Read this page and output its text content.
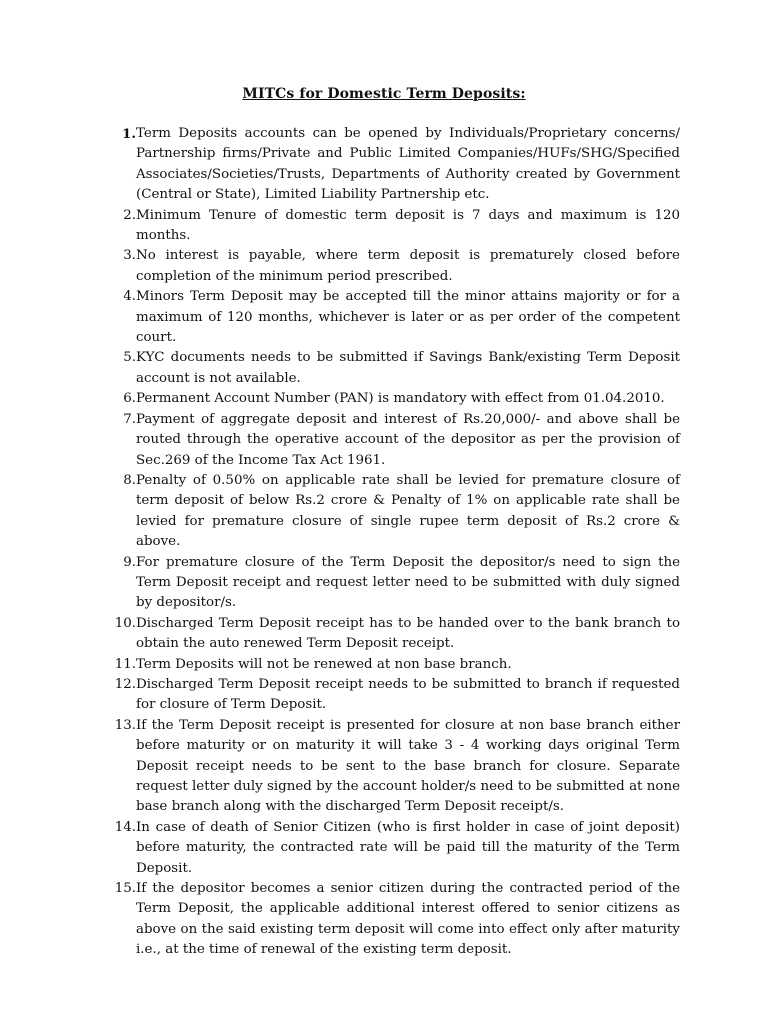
MITCs for Domestic Term Deposits:
1. Term Deposits accounts can be opened by Individuals/Proprietary concerns/ Partnership firms/Private and Public Limited Companies/HUFs/SHG/Specified Associates/Societies/Trusts, Departments of Authority created by Government (Central or State), Limited Liability Partnership etc.
2. Minimum Tenure of domestic term deposit is 7 days and maximum is 120 months.
3. No interest is payable, where term deposit is prematurely closed before completion of the minimum period prescribed.
4. Minors Term Deposit may be accepted till the minor attains majority or for a maximum of 120 months, whichever is later or as per order of the competent court.
5. KYC documents needs to be submitted if Savings Bank/existing Term Deposit account is not available.
6. Permanent Account Number (PAN) is mandatory with effect from 01.04.2010.
7. Payment of aggregate deposit and interest of Rs.20,000/- and above shall be routed through the operative account of the depositor as per the provision of Sec.269 of the Income Tax Act 1961.
8. Penalty of 0.50% on applicable rate shall be levied for premature closure of term deposit of below Rs.2 crore & Penalty of 1% on applicable rate shall be levied for premature closure of single rupee term deposit of Rs.2 crore & above.
9. For premature closure of the Term Deposit the depositor/s need to sign the Term Deposit receipt and request letter need to be submitted with duly signed by depositor/s.
10. Discharged Term Deposit receipt has to be handed over to the bank branch to obtain the auto renewed Term Deposit receipt.
11. Term Deposits will not be renewed at non base branch.
12. Discharged Term Deposit receipt needs to be submitted to branch if requested for closure of Term Deposit.
13. If the Term Deposit receipt is presented for closure at non base branch either before maturity or on maturity it will take 3 - 4 working days original Term Deposit receipt needs to be sent to the base branch for closure. Separate request letter duly signed by the account holder/s need to be submitted at none base branch along with the discharged Term Deposit receipt/s.
14. In case of death of Senior Citizen (who is first holder in case of joint deposit) before maturity, the contracted rate will be paid till the maturity of the Term Deposit.
15. If the depositor becomes a senior citizen during the contracted period of the Term Deposit, the applicable additional interest offered to senior citizens as above on the said existing term deposit will come into effect only after maturity i.e., at the time of renewal of the existing term deposit.
